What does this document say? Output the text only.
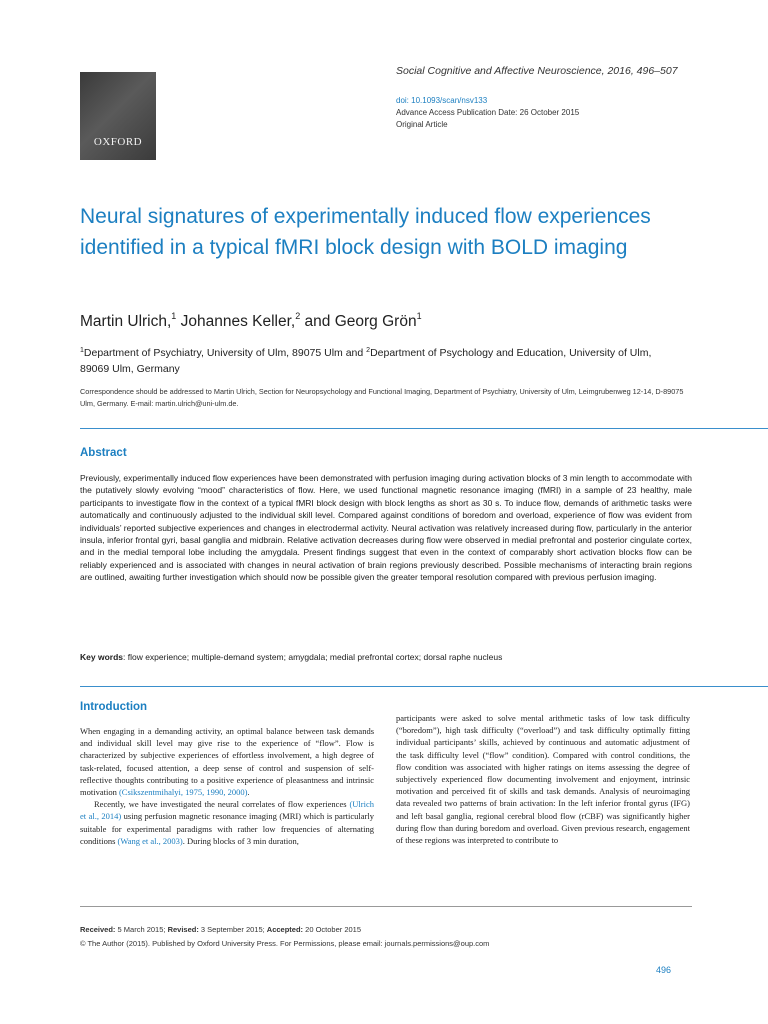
OXFORD
Social Cognitive and Affective Neuroscience, 2016, 496–507
doi: 10.1093/scan/nsv133
Advance Access Publication Date: 26 October 2015
Original Article
Neural signatures of experimentally induced flow experiences identified in a typical fMRI block design with BOLD imaging
Martin Ulrich,$^1$ Johannes Keller,$^2$ and Georg Grön$^1$
$^1$Department of Psychiatry, University of Ulm, 89075 Ulm and $^2$Department of Psychology and Education, University of Ulm, 89069 Ulm, Germany
Correspondence should be addressed to Martin Ulrich, Section for Neuropsychology and Functional Imaging, Department of Psychiatry, University of Ulm, Leimgrubenweg 12-14, D-89075 Ulm, Germany. E-mail: martin.ulrich@uni-ulm.de.
Abstract
Previously, experimentally induced flow experiences have been demonstrated with perfusion imaging during activation blocks of 3 min length to accommodate with the putatively slowly evolving “mood” characteristics of flow. Here, we used functional magnetic resonance imaging (fMRI) in a sample of 23 healthy, male participants to investigate flow in the context of a typical fMRI block design with block lengths as short as 30 s. To induce flow, demands of arithmetic tasks were automatically and continuously adjusted to the individual skill level. Compared against conditions of boredom and overload, experience of flow was evident from individuals’ reported subjective experiences and changes in electrodermal activity. Neural activation was relatively increased during flow, particularly in the anterior insula, inferior frontal gyri, basal ganglia and midbrain. Relative activation decreases during flow were observed in medial prefrontal and posterior cingulate cortex, and in the medial temporal lobe including the amygdala. Present findings suggest that even in the context of comparably short activation blocks flow can be reliably experienced and is associated with changes in neural activation of brain regions previously described. Possible mechanisms of interacting brain regions are outlined, awaiting further investigation which should now be possible given the greater temporal resolution compared with previous perfusion imaging.
Key words: flow experience; multiple-demand system; amygdala; medial prefrontal cortex; dorsal raphe nucleus
Introduction

When engaging in a demanding activity, an optimal balance between task demands and individual skill level may give rise to the experience of “flow”. Flow is characterized by subjective experiences of effortless involvement, a high degree of task-related, focused attention, a deep sense of control and suspension of self-reflective thoughts contributing to a positive experience of pleasantness and intrinsic motivation (Csikszentmihalyi, 1975, 1990, 2000).

Recently, we have investigated the neural correlates of flow experiences (Ulrich et al., 2014) using perfusion magnetic resonance imaging (MRI) which is particularly suitable for experimental paradigms with rather low frequencies of alternating conditions (Wang et al., 2003). During blocks of 3 min duration,

participants were asked to solve mental arithmetic tasks of low task difficulty (“boredom”), high task difficulty (“overload”) and task difficulty optimally fitting individual participants’ skills, achieved by continuous and automatic adjustment of the task difficulty level (“flow” condition). Compared with control conditions, the flow condition was associated with higher ratings on items assessing the degree of subjectively experienced flow documenting involvement and enjoyment, intrinsic motivation and perceived fit of skills and task demands. Analysis of neuroimaging data revealed two patterns of brain activation: In the left inferior frontal gyrus (IFG) and left basal ganglia, regional cerebral blood flow (rCBF) was significantly higher during flow than during boredom and overload. Given previous research, engagement of these regions was interpreted to contribute to

Received: 5 March 2015; Revised: 3 September 2015; Accepted: 20 October 2015
© The Author (2015). Published by Oxford University Press. For Permissions, please email: journals.permissions@oup.com
496
